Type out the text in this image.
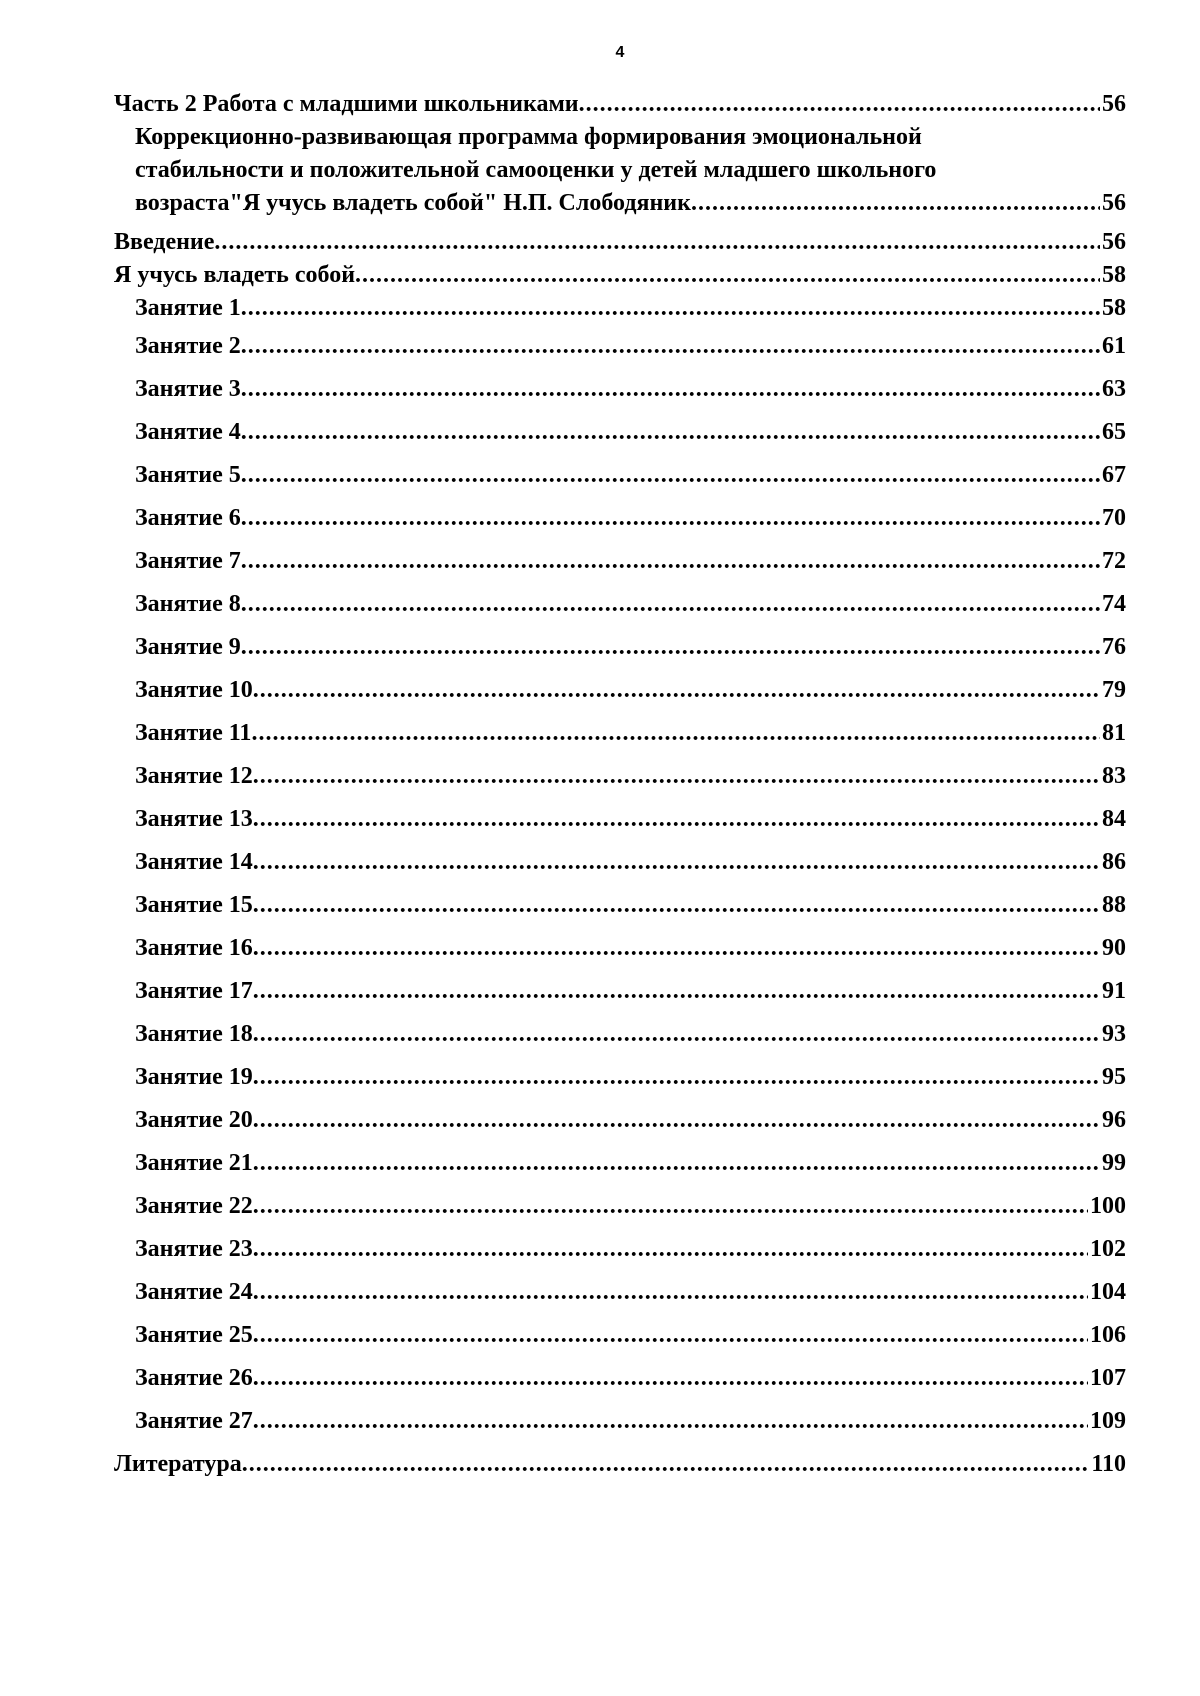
4
Часть 2 Работа с младшими школьниками .....	56
Коррекционно-развивающая программа формирования эмоциональной
стабильности и положительной самооценки у детей младшего школьного
возраста"Я учусь владеть собой" Н.П. Слободяник .....	56
Введение .....	56
Я учусь владеть собой .....	58
Занятие 1 .....	58
Занятие 2 .....	61
Занятие 3 .....	63
Занятие 4 .....	65
Занятие 5 .....	67
Занятие 6 .....	70
Занятие 7 .....	72
Занятие 8 .....	74
Занятие 9 .....	76
Занятие 10 .....	79
Занятие 11 .....	81
Занятие 12 .....	83
Занятие 13 .....	84
Занятие 14 .....	86
Занятие 15 .....	88
Занятие 16 .....	90
Занятие 17 .....	91
Занятие 18 .....	93
Занятие 19 .....	95
Занятие 20 .....	96
Занятие 21 .....	99
Занятие 22 .....	100
Занятие 23 .....	102
Занятие 24 .....	104
Занятие 25 .....	106
Занятие 26 .....	107
Занятие 27 .....	109
Литература .....	110
